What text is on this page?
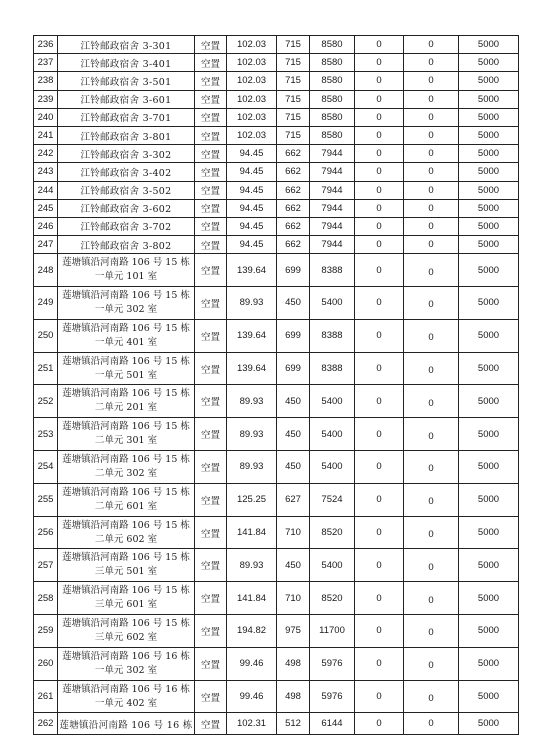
236	江铃邮政宿舍 3-301	空置	102.03	715	8580	0	0	5000
237	江铃邮政宿舍 3-401	空置	102.03	715	8580	0	0	5000
238	江铃邮政宿舍 3-501	空置	102.03	715	8580	0	0	5000
239	江铃邮政宿舍 3-601	空置	102.03	715	8580	0	0	5000
240	江铃邮政宿舍 3-701	空置	102.03	715	8580	0	0	5000
241	江铃邮政宿舍 3-801	空置	102.03	715	8580	0	0	5000
242	江铃邮政宿舍 3-302	空置	94.45	662	7944	0	0	5000
243	江铃邮政宿舍 3-402	空置	94.45	662	7944	0	0	5000
244	江铃邮政宿舍 3-502	空置	94.45	662	7944	0	0	5000
245	江铃邮政宿舍 3-602	空置	94.45	662	7944	0	0	5000
246	江铃邮政宿舍 3-702	空置	94.45	662	7944	0	0	5000
247	江铃邮政宿舍 3-802	空置	94.45	662	7944	0	0	5000
248	莲塘镇沿河南路 106 号 15 栋
一单元 101 室	空置	139.64	699	8388	0	0	5000
249	莲塘镇沿河南路 106 号 15 栋
一单元 302 室	空置	89.93	450	5400	0	0	5000
250	莲塘镇沿河南路 106 号 15 栋
一单元 401 室	空置	139.64	699	8388	0	0	5000
251	莲塘镇沿河南路 106 号 15 栋
一单元 501 室	空置	139.64	699	8388	0	0	5000
252	莲塘镇沿河南路 106 号 15 栋
二单元 201 室	空置	89.93	450	5400	0	0	5000
253	莲塘镇沿河南路 106 号 15 栋
二单元 301 室	空置	89.93	450	5400	0	0	5000
254	莲塘镇沿河南路 106 号 15 栋
二单元 302 室	空置	89.93	450	5400	0	0	5000
255	莲塘镇沿河南路 106 号 15 栋
二单元 601 室	空置	125.25	627	7524	0	0	5000
256	莲塘镇沿河南路 106 号 15 栋
二单元 602 室	空置	141.84	710	8520	0	0	5000
257	莲塘镇沿河南路 106 号 15 栋
三单元 501 室	空置	89.93	450	5400	0	0	5000
258	莲塘镇沿河南路 106 号 15 栋
三单元 601 室	空置	141.84	710	8520	0	0	5000
259	莲塘镇沿河南路 106 号 15 栋
三单元 602 室	空置	194.82	975	11700	0	0	5000
260	莲塘镇沿河南路 106 号 16 栋
一单元 302 室	空置	99.46	498	5976	0	0	5000
261	莲塘镇沿河南路 106 号 16 栋
一单元 402 室	空置	99.46	498	5976	0	0	5000
262	莲塘镇沿河南路 106 号 16 栋	空置	102.31	512	6144	0	0	5000
